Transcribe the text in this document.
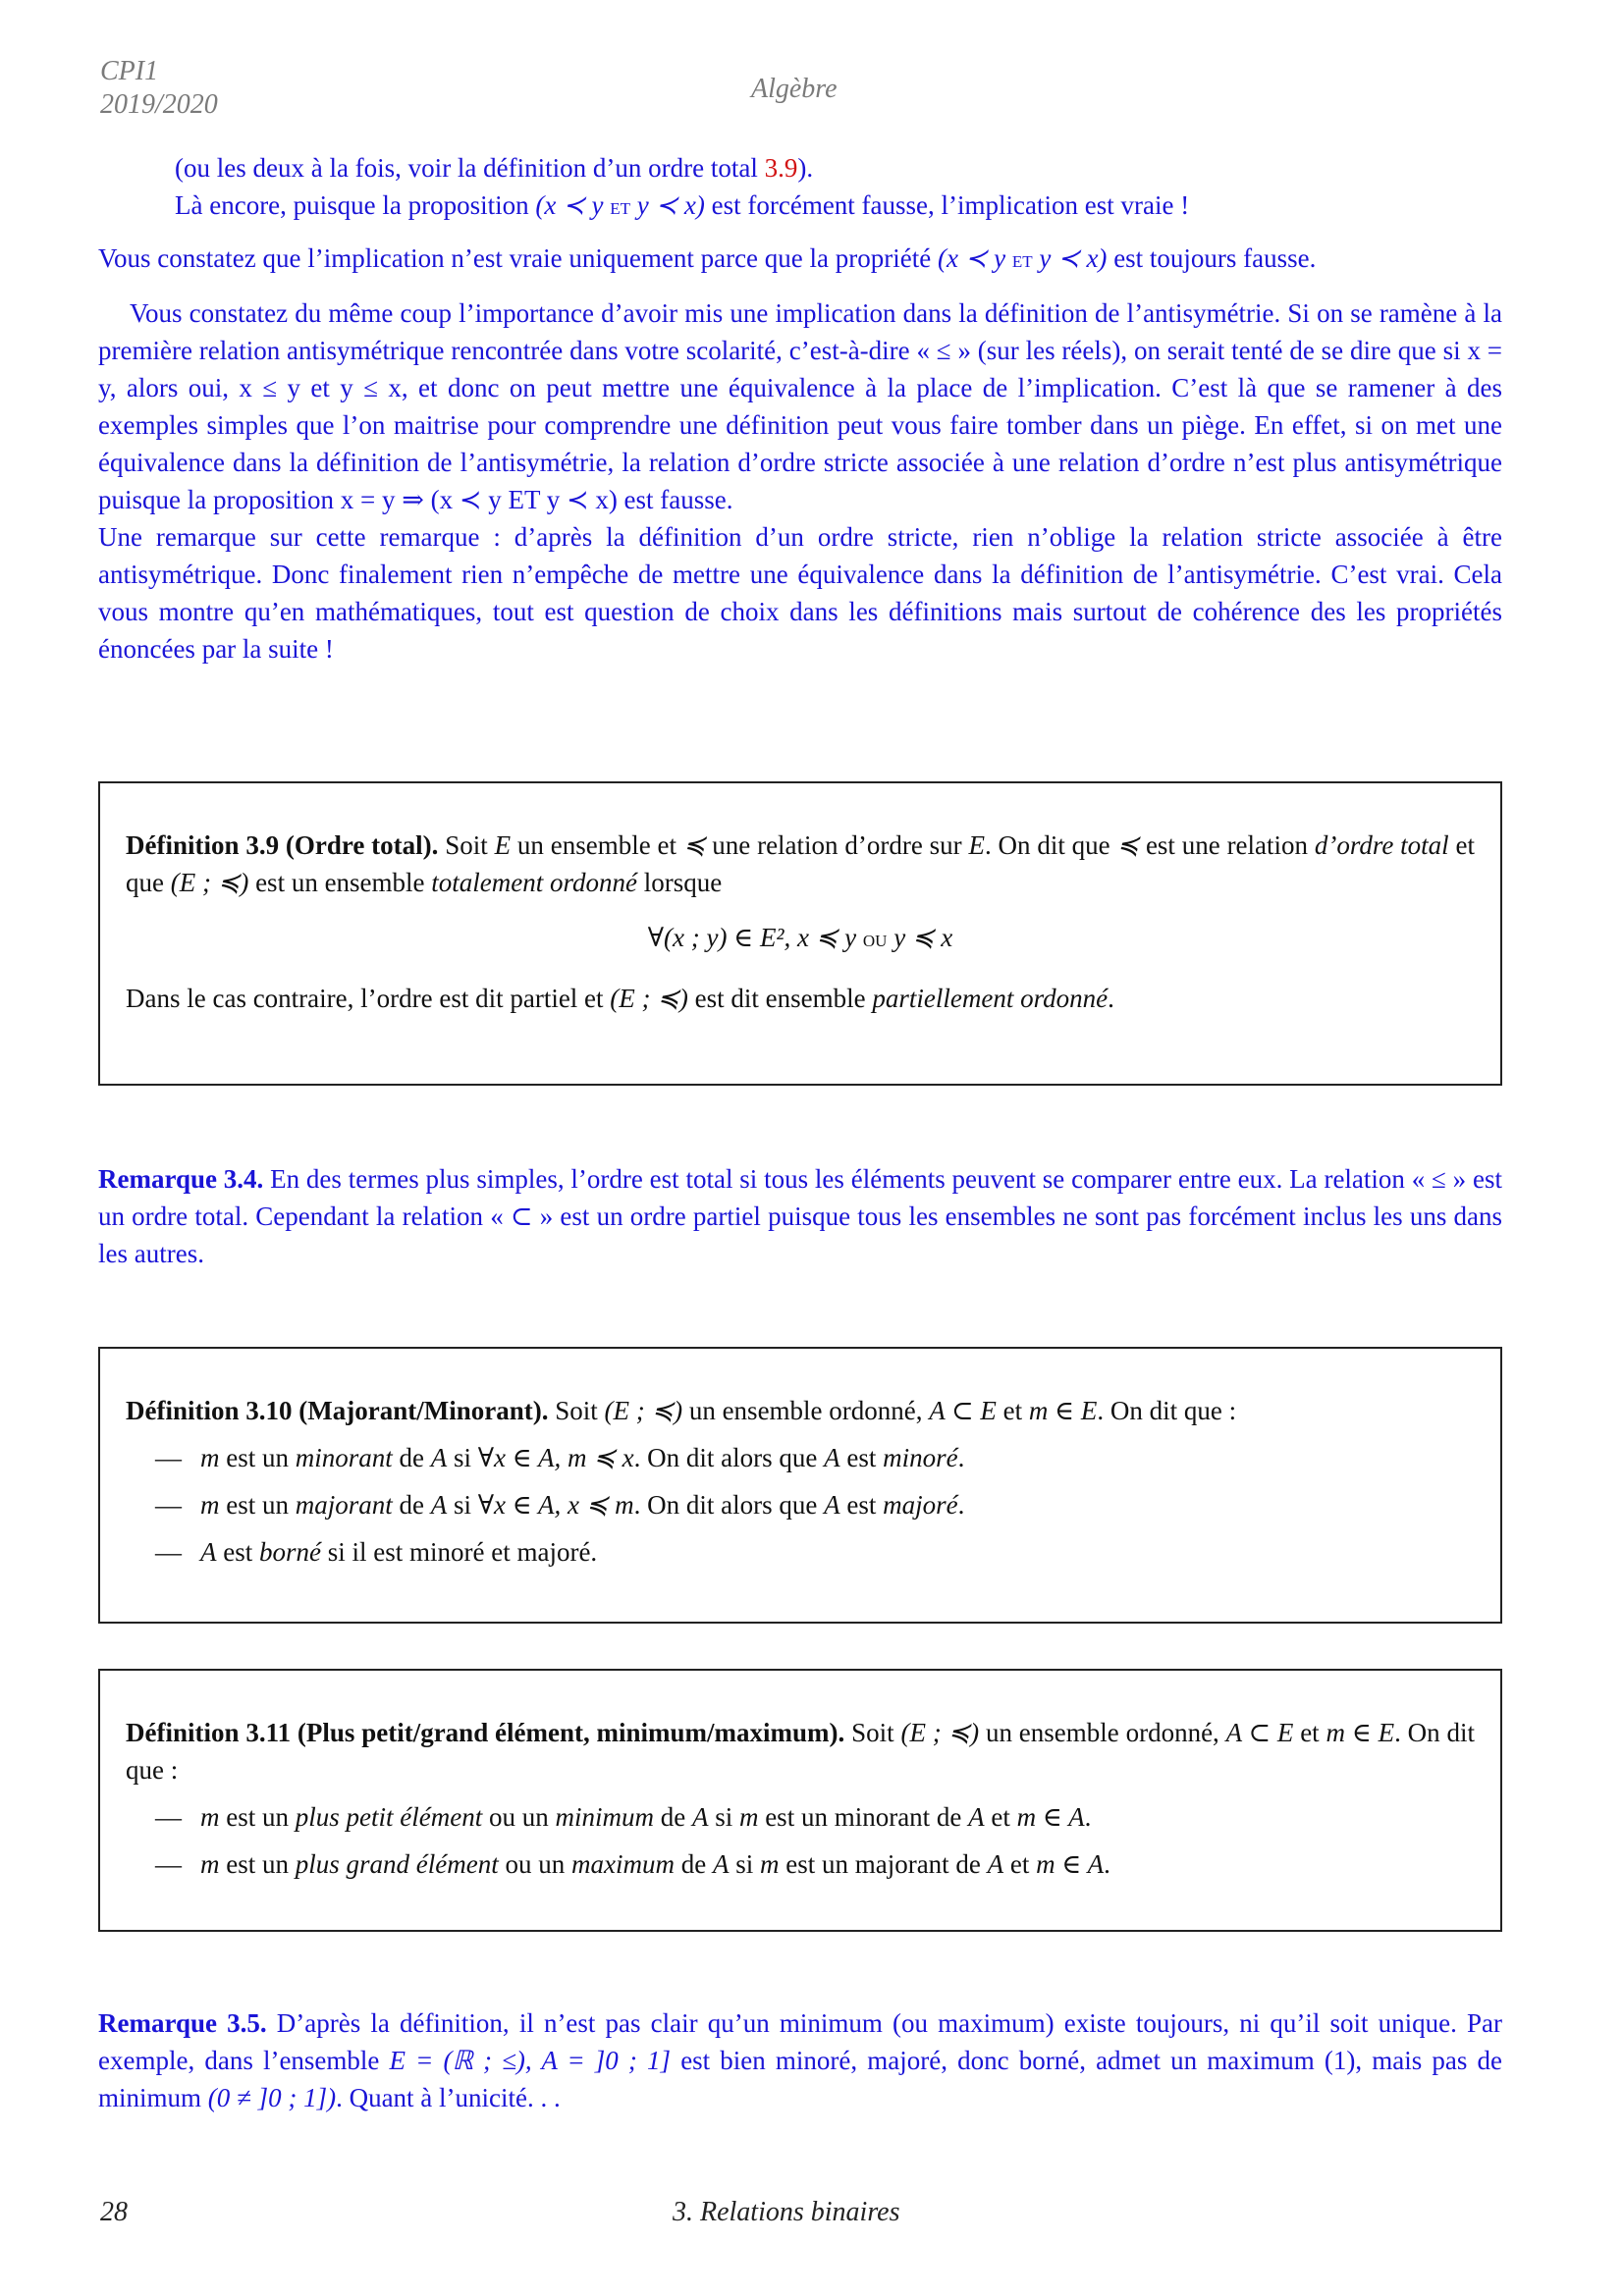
CPI1
2019/2020
Algèbre
(ou les deux à la fois, voir la définition d’un ordre total 3.9).
Là encore, puisque la proposition (x ≺ y et y ≺ x) est forcément fausse, l’implication est vraie !
Vous constatez que l’implication n’est vraie uniquement parce que la propriété (x ≺ y et y ≺ x) est toujours fausse.
Vous constatez du même coup l’importance d’avoir mis une implication dans la définition de l’antisymétrie. Si on se ramène à la première relation antisymétrique rencontrée dans votre scolarité, c’est-à-dire « ≤ » (sur les réels), on serait tenté de se dire que si x = y, alors oui, x ≤ y et y ≤ x, et donc on peut mettre une équivalence à la place de l’implication. C’est là que se ramener à des exemples simples que l’on maitrise pour comprendre une définition peut vous faire tomber dans un piège. En effet, si on met une équivalence dans la définition de l’antisymétrie, la relation d’ordre stricte associée à une relation d’ordre n’est plus antisymétrique puisque la proposition x = y ⇒ (x ≺ y ET y ≺ x) est fausse.
Une remarque sur cette remarque : d’après la définition d’un ordre stricte, rien n’oblige la relation stricte associée à être antisymétrique. Donc finalement rien n’empêche de mettre une équivalence dans la définition de l’antisymétrie. C’est vrai. Cela vous montre qu’en mathématiques, tout est question de choix dans les définitions mais surtout de cohérence des les propriétés énoncées par la suite !

Définition 3.9 (Ordre total). Soit E un ensemble et ≼ une relation d’ordre sur E. On dit que ≼ est une relation d’ordre total et que (E ; ≼) est un ensemble totalement ordonné lorsque

∀(x ; y) ∈ E², x ≼ y ou y ≼ x

Dans le cas contraire, l’ordre est dit partiel et (E ; ≼) est dit ensemble partiellement ordonné.

Remarque 3.4. En des termes plus simples, l’ordre est total si tous les éléments peuvent se comparer entre eux. La relation « ≤ » est un ordre total. Cependant la relation « ⊂ » est un ordre partiel puisque tous les ensembles ne sont pas forcément inclus les uns dans les autres.

Définition 3.10 (Majorant/Minorant). Soit (E ; ≼) un ensemble ordonné, A ⊂ E et m ∈ E. On dit que :

— m est un minorant de A si ∀x ∈ A, m ≼ x. On dit alors que A est minoré.
— m est un majorant de A si ∀x ∈ A, x ≼ m. On dit alors que A est majoré.
— A est borné si il est minoré et majoré.

Définition 3.11 (Plus petit/grand élément, minimum/maximum). Soit (E ; ≼) un ensemble ordonné, A ⊂ E et m ∈ E. On dit que :

— m est un plus petit élément ou un minimum de A si m est un minorant de A et m ∈ A.
— m est un plus grand élément ou un maximum de A si m est un majorant de A et m ∈ A.
Remarque 3.5. D’après la définition, il n’est pas clair qu’un minimum (ou maximum) existe toujours, ni qu’il soit unique. Par exemple, dans l’ensemble E = (ℝ ; ≤), A = ]0 ; 1] est bien minoré, majoré, donc borné, admet un maximum (1), mais pas de minimum (0 ≠ ]0 ; 1]). Quant à l’unicité. . .
28	3. Relations binaires
